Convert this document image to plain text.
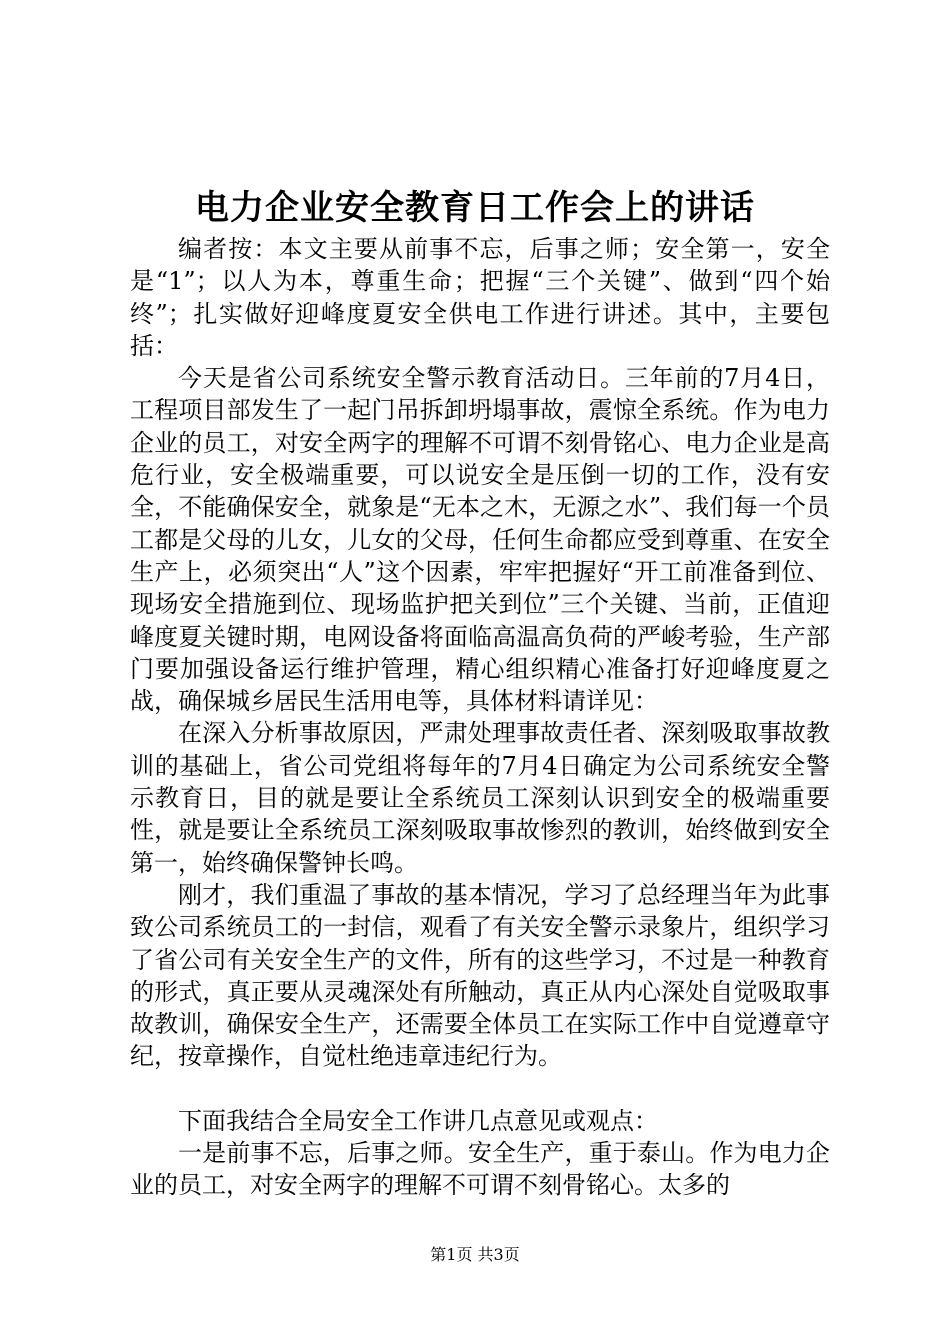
电力企业安全教育日工作会上的讲话

编者按：本文主要从前事不忘，后事之师；安全第一，安全是“1”；以人为本，尊重生命；把握“三个关键”、做到“四个始终”；扎实做好迎峰度夏安全供电工作进行讲述。其中，主要包括：

今天是省公司系统安全警示教育活动日。三年前的7月4日，工程项目部发生了一起门吊拆卸坍塌事故，震惊全系统。作为电力企业的员工，对安全两字的理解不可谓不刻骨铭心、电力企业是高危行业，安全极端重要，可以说安全是压倒一切的工作，没有安全，不能确保安全，就象是“无本之木，无源之水”、我们每一个员工都是父母的儿女，儿女的父母，任何生命都应受到尊重、在安全生产上，必须突出“人”这个因素，牢牢把握好“开工前准备到位、现场安全措施到位、现场监护把关到位”三个关键、当前，正值迎峰度夏关键时期，电网设备将面临高温高负荷的严峻考验，生产部门要加强设备运行维护管理，精心组织精心准备打好迎峰度夏之战，确保城乡居民生活用电等，具体材料请详见：

在深入分析事故原因，严肃处理事故责任者、深刻吸取事故教训的基础上，省公司党组将每年的7月4日确定为公司系统安全警示教育日，目的就是要让全系统员工深刻认识到安全的极端重要性，就是要让全系统员工深刻吸取事故惨烈的教训，始终做到安全第一，始终确保警钟长鸣。

刚才，我们重温了事故的基本情况，学习了总经理当年为此事致公司系统员工的一封信，观看了有关安全警示录象片，组织学习了省公司有关安全生产的文件，所有的这些学习，不过是一种教育的形式，真正要从灵魂深处有所触动，真正从内心深处自觉吸取事故教训，确保安全生产，还需要全体员工在实际工作中自觉遵章守纪，按章操作，自觉杜绝违章违纪行为。

下面我结合全局安全工作讲几点意见或观点：

一是前事不忘，后事之师。安全生产，重于泰山。作为电力企业的员工，对安全两字的理解不可谓不刻骨铭心。太多的

第1页 共3页
